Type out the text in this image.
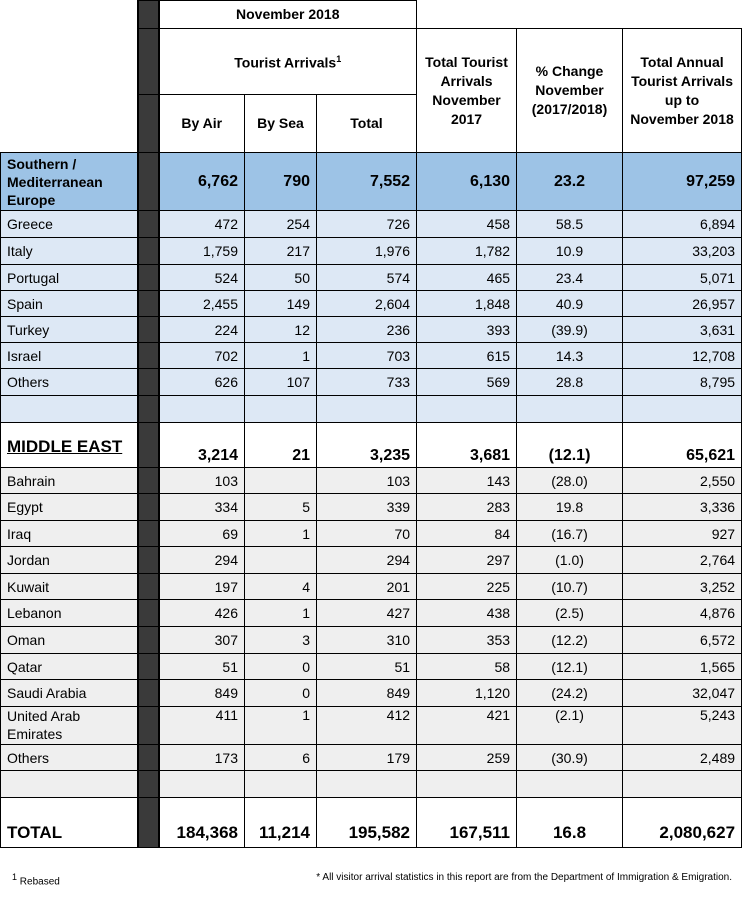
		November 2018					
		Tourist Arrivals$^1$			Total Tourist Arrivals November 2017	% Change November (2017/2018)	Total Annual Tourist Arrivals up to November 2018
		By Air	By Sea	Total			
Southern / Mediterranean Europe		6,762	790	7,552	6,130	23.2	97,259
Greece		472	254	726	458	58.5	6,894
Italy		1,759	217	1,976	1,782	10.9	33,203
Portugal		524	50	574	465	23.4	5,071
Spain		2,455	149	2,604	1,848	40.9	26,957
Turkey		224	12	236	393	(39.9)	3,631
Israel		702	1	703	615	14.3	12,708
Others		626	107	733	569	28.8	8,795

MIDDLE EAST		3,214	21	3,235	3,681	(12.1)	65,621
Bahrain		103		103	143	(28.0)	2,550
Egypt		334	5	339	283	19.8	3,336
Iraq		69	1	70	84	(16.7)	927
Jordan		294		294	297	(1.0)	2,764
Kuwait		197	4	201	225	(10.7)	3,252
Lebanon		426	1	427	438	(2.5)	4,876
Oman		307	3	310	353	(12.2)	6,572
Qatar		51	0	51	58	(12.1)	1,565
Saudi Arabia		849	0	849	1,120	(24.2)	32,047
United Arab Emirates		411	1	412	421	(2.1)	5,243
Others		173	6	179	259	(30.9)	2,489

TOTAL		184,368	11,214	195,582	167,511	16.8	2,080,627
$^1$ Rebased	* All visitor arrival statistics in this report are from the Department of Immigration & Emigration.
